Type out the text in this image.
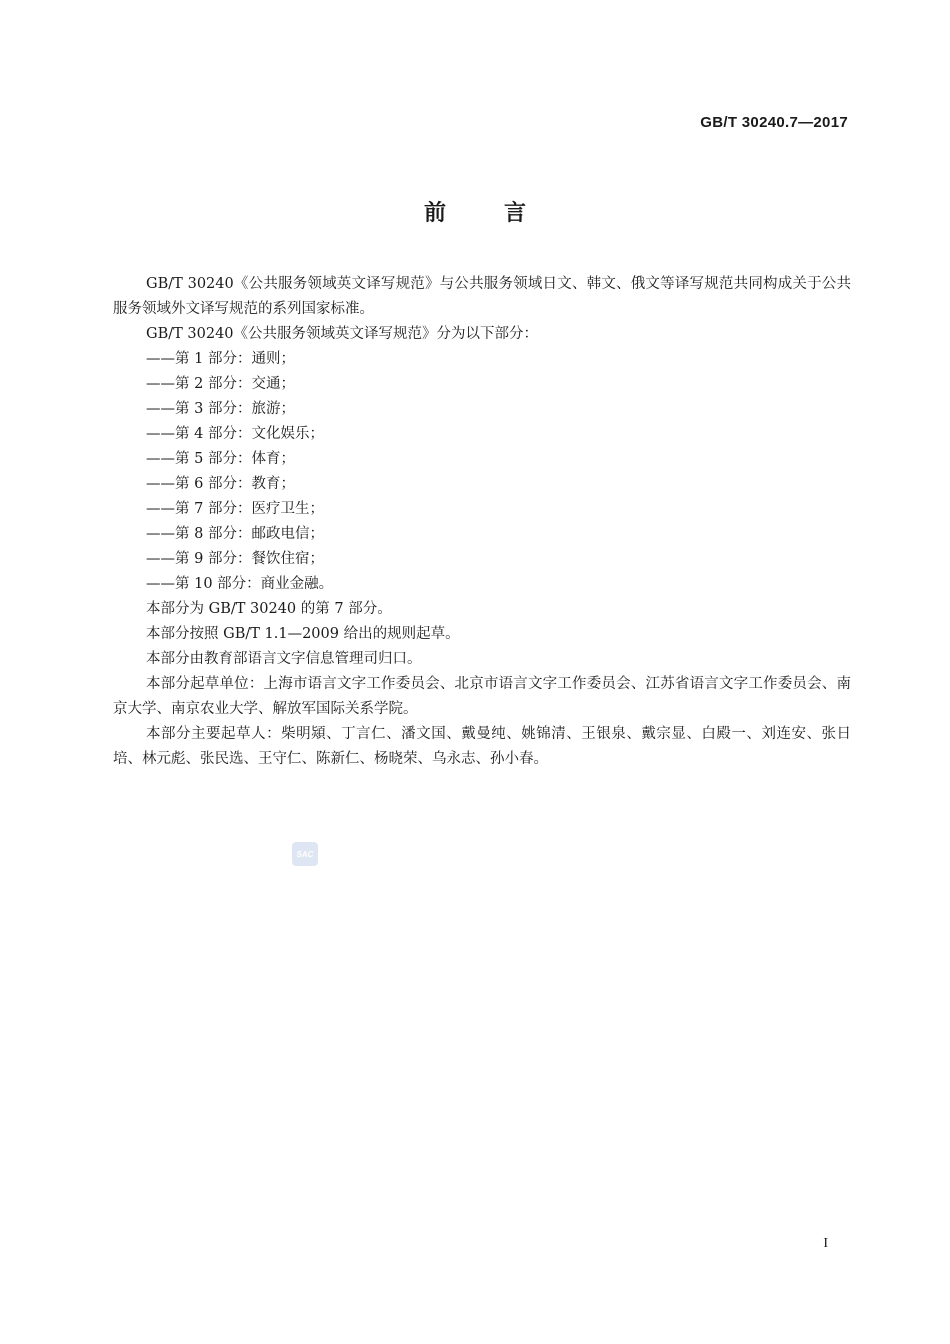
GB/T 30240.7—2017
前言

GB/T 30240《公共服务领域英文译写规范》与公共服务领域日文、韩文、俄文等译写规范共同构成关于公共服务领域外文译写规范的系列国家标准。

GB/T 30240《公共服务领域英文译写规范》分为以下部分：

——第 1 部分：通则；
——第 2 部分：交通；
——第 3 部分：旅游；
——第 4 部分：文化娱乐；
——第 5 部分：体育；
——第 6 部分：教育；
——第 7 部分：医疗卫生；
——第 8 部分：邮政电信；
——第 9 部分：餐饮住宿；
——第 10 部分：商业金融。

本部分为 GB/T 30240 的第 7 部分。

本部分按照 GB/T 1.1—2009 给出的规则起草。

本部分由教育部语言文字信息管理司归口。

本部分起草单位：上海市语言文字工作委员会、北京市语言文字工作委员会、江苏省语言文字工作委员会、南京大学、南京农业大学、解放军国际关系学院。

本部分主要起草人：柴明熲、丁言仁、潘文国、戴曼纯、姚锦清、王银泉、戴宗显、白殿一、刘连安、张日培、林元彪、张民选、王守仁、陈新仁、杨晓荣、乌永志、孙小春。

SAC
I
